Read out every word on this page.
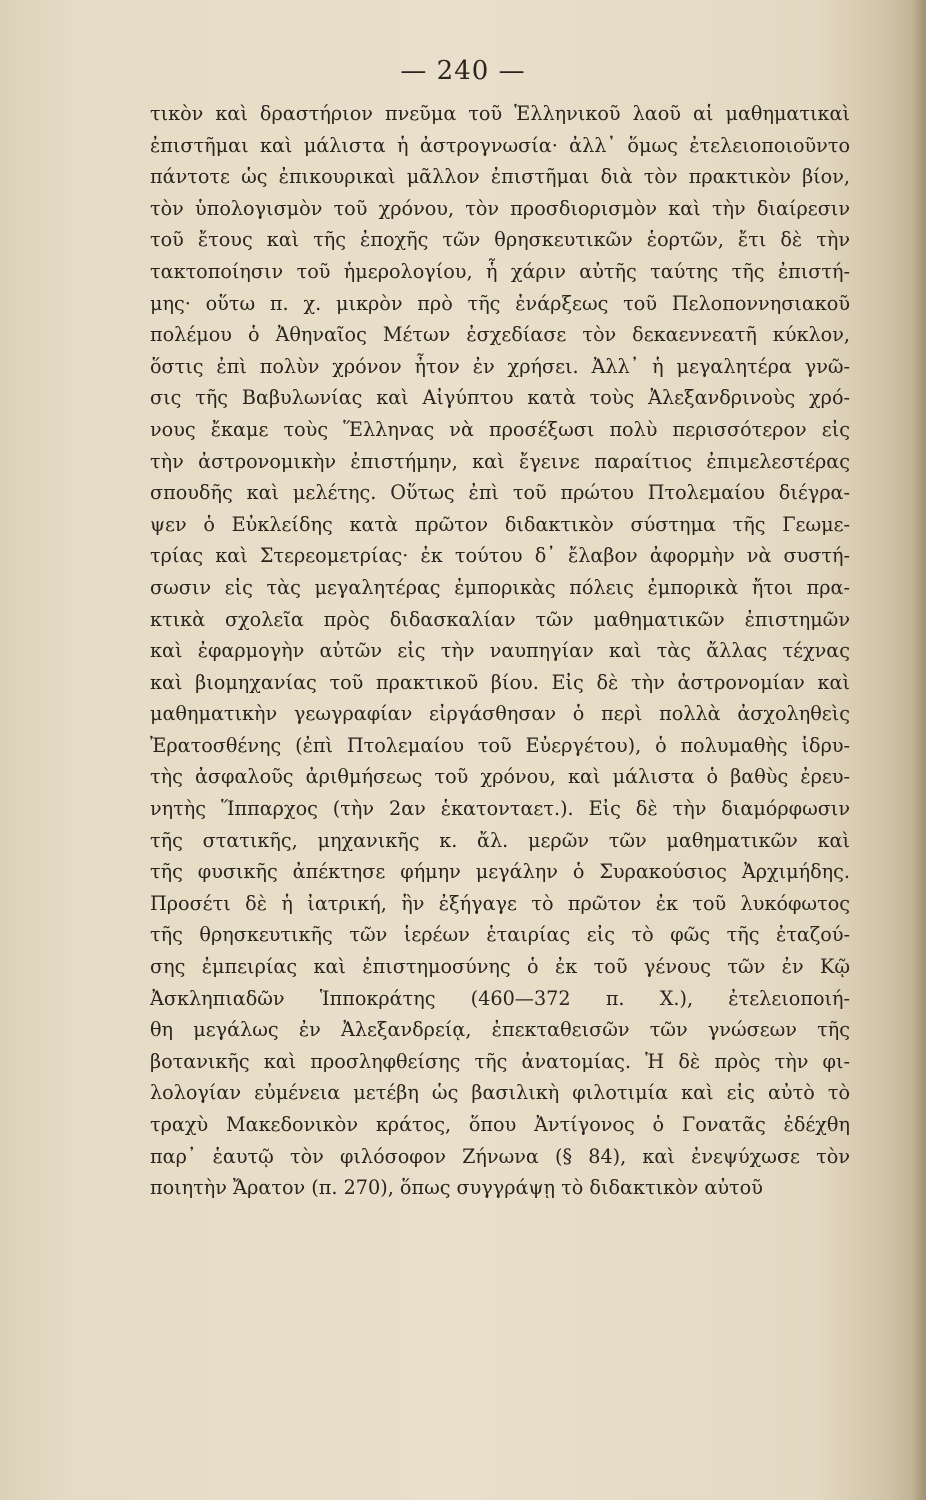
— 240 —
τικὸν καὶ δραστήριον πνεῦμα τοῦ Ἑλληνικοῦ λαοῦ αἱ μαθηματικαὶ
ἐπιστῆμαι καὶ μάλιστα ἡ ἀστρογνωσία· ἀλλ᾽ ὅμως ἐτελειοποιοῦντο
πάντοτε ὡς ἐπικουρικαὶ μᾶλλον ἐπιστῆμαι διὰ τὸν πρακτικὸν βίον,
τὸν ὑπολογισμὸν τοῦ χρόνου, τὸν προσδιορισμὸν καὶ τὴν διαίρεσιν
τοῦ ἔτους καὶ τῆς ἐποχῆς τῶν θρησκευτικῶν ἑορτῶν, ἔτι δὲ τὴν
τακτοποίησιν τοῦ ἡμερολογίου, ἧ χάριν αὐτῆς ταύτης τῆς ἐπιστή-
μης· οὕτω π. χ. μικρὸν πρὸ τῆς ἐνάρξεως τοῦ Πελοποννησιακοῦ
πολέμου ὁ Ἀθηναῖος Μέτων ἐσχεδίασε τὸν δεκαεννεατῆ κύκλον,
ὅστις ἐπὶ πολὺν χρόνον ἦτον ἐν χρήσει. Ἀλλ᾽ ἡ μεγαλητέρα γνῶ-
σις τῆς Βαβυλωνίας καὶ Αἰγύπτου κατὰ τοὺς Ἀλεξανδρινοὺς χρό-
νους ἔκαμε τοὺς Ἕλληνας νὰ προσέξωσι πολὺ περισσότερον εἰς
τὴν ἀστρονομικὴν ἐπιστήμην, καὶ ἔγεινε παραίτιος ἐπιμελεστέρας
σπουδῆς καὶ μελέτης. Οὕτως ἐπὶ τοῦ πρώτου Πτολεμαίου διέγρα-
ψεν ὁ Εὐκλείδης κατὰ πρῶτον διδακτικὸν σύστημα τῆς Γεωμε-
τρίας καὶ Στερεομετρίας· ἐκ τούτου δ᾽ ἔλαβον ἀφορμὴν νὰ συστή-
σωσιν εἰς τὰς μεγαλητέρας ἐμπορικὰς πόλεις ἐμπορικὰ ἤτοι πρα-
κτικὰ σχολεῖα πρὸς διδασκαλίαν τῶν μαθηματικῶν ἐπιστημῶν
καὶ ἐφαρμογὴν αὐτῶν εἰς τὴν ναυπηγίαν καὶ τὰς ἄλλας τέχνας
καὶ βιομηχανίας τοῦ πρακτικοῦ βίου. Εἰς δὲ τὴν ἀστρονομίαν καὶ
μαθηματικὴν γεωγραφίαν εἰργάσθησαν ὁ περὶ πολλὰ ἀσχοληθεὶς
Ἐρατοσθένης (ἐπὶ Πτολεμαίου τοῦ Εὐεργέτου), ὁ πολυμαθὴς ἱδρυ-
τὴς ἀσφαλοῦς ἀριθμήσεως τοῦ χρόνου, καὶ μάλιστα ὁ βαθὺς ἐρευ-
νητὴς Ἵππαρχος (τὴν 2αν ἑκατονταετ.). Εἰς δὲ τὴν διαμόρφωσιν
τῆς στατικῆς, μηχανικῆς κ. ἄλ. μερῶν τῶν μαθηματικῶν καὶ
τῆς φυσικῆς ἀπέκτησε φήμην μεγάλην ὁ Συρακούσιος Ἀρχιμήδης.
Προσέτι δὲ ἡ ἰατρική, ἣν ἐξήγαγε τὸ πρῶτον ἐκ τοῦ λυκόφωτος
τῆς θρησκευτικῆς τῶν ἱερέων ἑταιρίας εἰς τὸ φῶς τῆς ἐταζού-
σης ἐμπειρίας καὶ ἐπιστημοσύνης ὁ ἐκ τοῦ γένους τῶν ἐν Κῷ
Ἀσκληπιαδῶν Ἱπποκράτης (460—372 π. Χ.), ἐτελειοποιή-
θη μεγάλως ἐν Ἀλεξανδρείᾳ, ἐπεκταθεισῶν τῶν γνώσεων τῆς
βοτανικῆς καὶ προσληφθείσης τῆς ἀνατομίας. Ἡ δὲ πρὸς τὴν φι-
λολογίαν εὐμένεια μετέβη ὡς βασιλικὴ φιλοτιμία καὶ εἰς αὐτὸ τὸ
τραχὺ Μακεδονικὸν κράτος, ὅπου Ἀντίγονος ὁ Γονατᾶς ἐδέχθη
παρ᾽ ἑαυτῷ τὸν φιλόσοφον Ζήνωνα (§ 84), καὶ ἐνεψύχωσε τὸν
ποιητὴν Ἄρατον (π. 270), ὅπως συγγράψῃ τὸ διδακτικὸν αὐτοῦ
